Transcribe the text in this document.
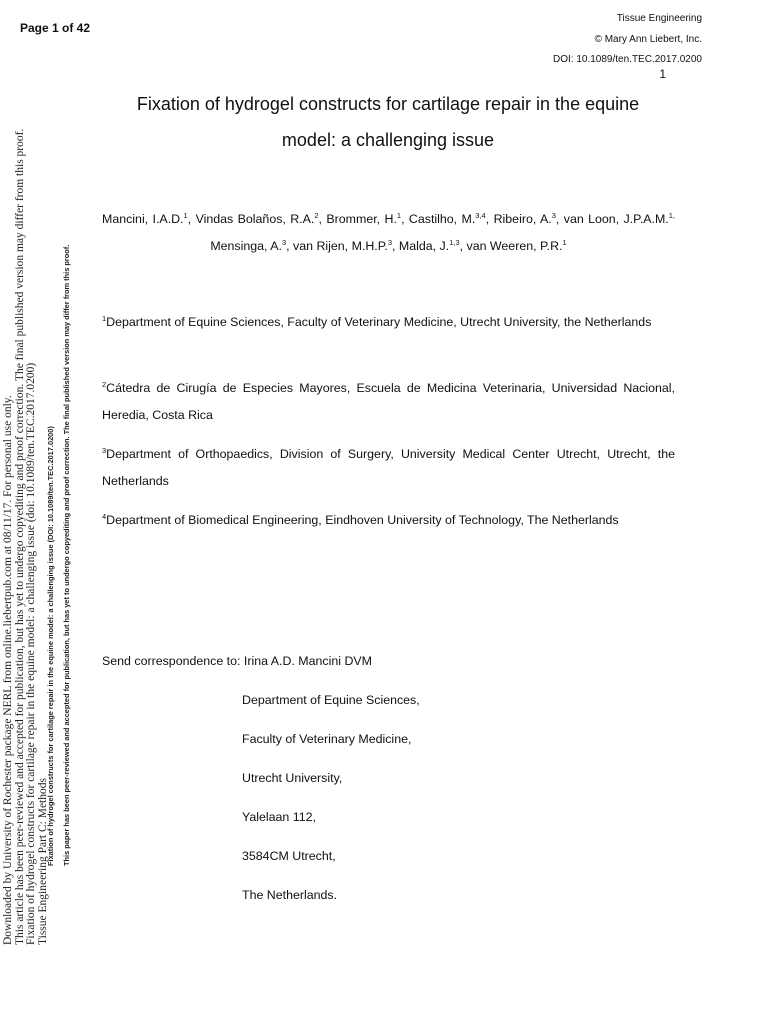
Page 1 of 42
Tissue Engineering
© Mary Ann Liebert, Inc.
DOI: 10.1089/ten.TEC.2017.0200
1
Downloaded by University of Rochester package NERL from online.liebertpub.com at 08/11/17. For personal use only. This article has been peer-reviewed and accepted for publication, but has yet to undergo copyediting and proof correction. The final published version may differ from this proof. Fixation of hydrogel constructs for cartilage repair in the equine model: a challenging issue (doi: 10.1089/ten.TEC.2017.0200) Tissue Engineering Part C: Methods
Fixation of hydrogel constructs for cartilage repair in the equine model: a challenging issue (DOI: 10.1089/ten.TEC.2017.0200) This paper has been peer-reviewed and accepted for publication, but has yet to undergo copyediting and proof correction. The final published version may differ from this proof.
Fixation of hydrogel constructs for cartilage repair in the equine
model: a challenging issue
Mancini, I.A.D.$^1$, Vindas Bolaños, R.A.$^2$, Brommer, H.$^1$, Castilho, M.$^{3,4}$, Ribeiro, A.$^3$, van Loon, J.P.A.M.$^{1,}$ Mensinga, A.$^3$, van Rijen, M.H.P.$^3$, Malda, J.$^{1,3}$, van Weeren, P.R.$^1$
$^1$Department of Equine Sciences, Faculty of Veterinary Medicine, Utrecht University, the Netherlands
$^2$Cátedra de Cirugía de Especies Mayores, Escuela de Medicina Veterinaria, Universidad Nacional, Heredia, Costa Rica
$^3$Department of Orthopaedics, Division of Surgery, University Medical Center Utrecht, Utrecht, the Netherlands
$^4$Department of Biomedical Engineering, Eindhoven University of Technology, The Netherlands
Send correspondence to: Irina A.D. Mancini DVM
Department of Equine Sciences,
Faculty of Veterinary Medicine,
Utrecht University,
Yalelaan 112,
3584CM Utrecht,
The Netherlands.
